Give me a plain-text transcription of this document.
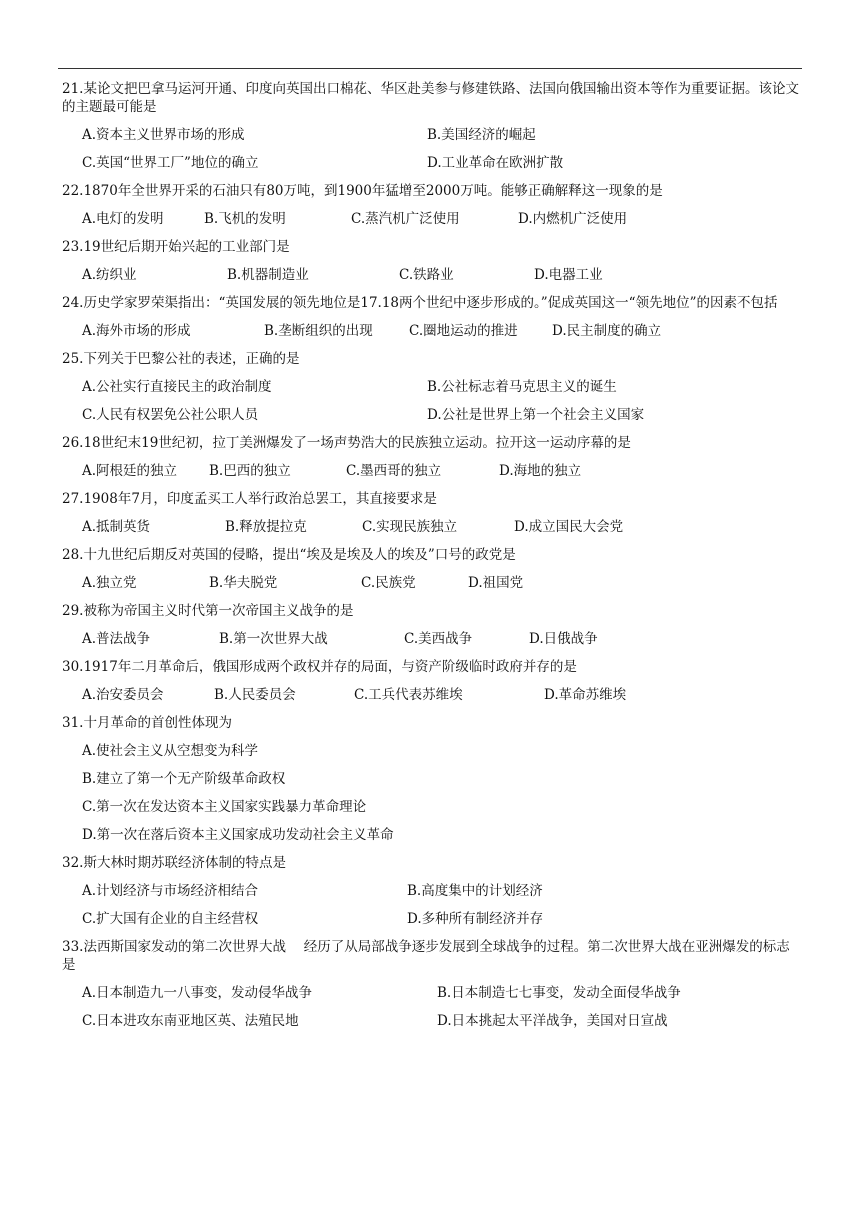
21.某论文把巴拿马运河开通、印度向英国出口棉花、华区赴美参与修建铁路、法国向俄国输出资本等作为重要证据。该论文的主题最可能是

A.资本主义世界市场的形成	B.美国经济的崛起
C.英国“世界工厂”地位的确立	D.工业革命在欧洲扩散

22.1870年全世界开采的石油只有80万吨，到1900年猛增至2000万吨。能够正确解释这一现象的是

A.电灯的发明	B.飞机的发明	C.蒸汽机广泛使用	D.内燃机广泛使用

23.19世纪后期开始兴起的工业部门是

A.纺织业	B.机器制造业	C.铁路业	D.电器工业

24.历史学家罗荣渠指出：“英国发展的领先地位是17.18两个世纪中逐步形成的。”促成英国这一“领先地位”的因素不包括

A.海外市场的形成	B.垄断组织的出现	C.圈地运动的推进	D.民主制度的确立

25.下列关于巴黎公社的表述，正确的是

A.公社实行直接民主的政治制度	B.公社标志着马克思主义的诞生
C.人民有权罢免公社公职人员	D.公社是世界上第一个社会主义国家

26.18世纪末19世纪初，拉丁美洲爆发了一场声势浩大的民族独立运动。拉开这一运动序幕的是

A.阿根廷的独立	B.巴西的独立	C.墨西哥的独立	D.海地的独立

27.1908年7月，印度孟买工人举行政治总罢工，其直接要求是

A.抵制英货	B.释放提拉克	C.实现民族独立	D.成立国民大会党

28.十九世纪后期反对英国的侵略，提出“埃及是埃及人的埃及”口号的政党是

A.独立党	B.华夫脱党	C.民族党	D.祖国党

29.被称为帝国主义时代第一次帝国主义战争的是

A.普法战争	B.第一次世界大战	C.美西战争	D.日俄战争

30.1917年二月革命后，俄国形成两个政权并存的局面，与资产阶级临时政府并存的是

A.治安委员会	B.人民委员会	C.工兵代表苏维埃	D.革命苏维埃

31.十月革命的首创性体现为

A.使社会主义从空想变为科学
B.建立了第一个无产阶级革命政权
C.第一次在发达资本主义国家实践暴力革命理论
D.第一次在落后资本主义国家成功发动社会主义革命

32.斯大林时期苏联经济体制的特点是

A.计划经济与市场经济相结合	B.高度集中的计划经济
C.扩大国有企业的自主经营权	D.多种所有制经济并存

33.法西斯国家发动的第二次世界大战　 经历了从局部战争逐步发展到全球战争的过程。第二次世界大战在亚洲爆发的标志是

A.日本制造九一八事变，发动侵华战争	B.日本制造七七事变，发动全面侵华战争
C.日本进攻东南亚地区英、法殖民地	D.日本挑起太平洋战争，美国对日宣战
